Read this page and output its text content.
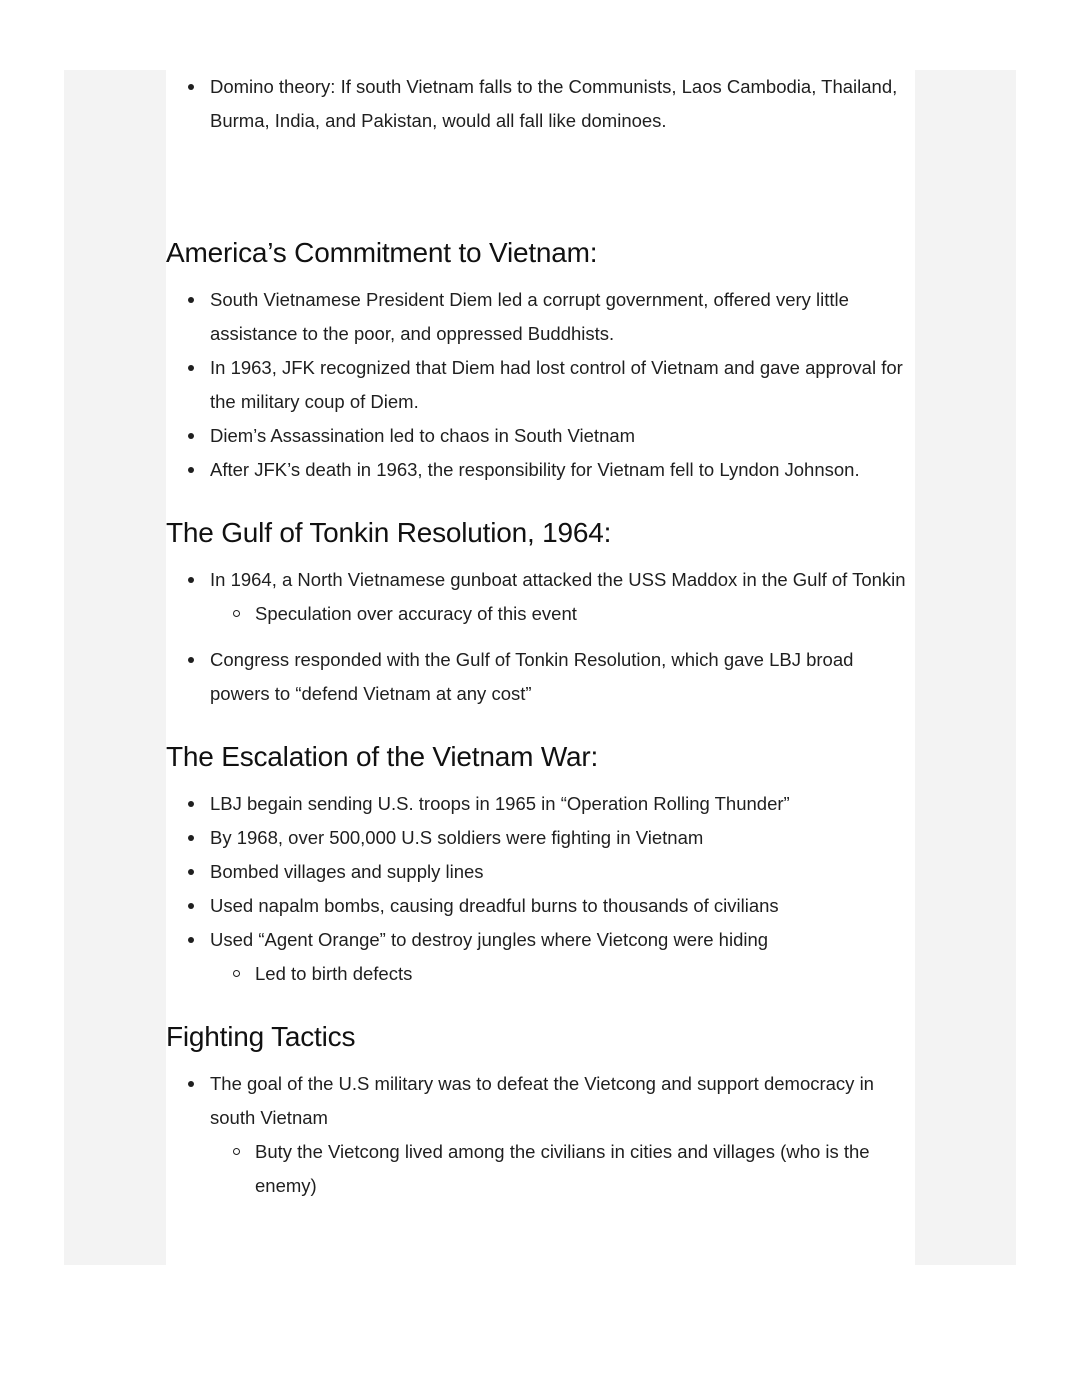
Domino theory: If south Vietnam falls to the Communists, Laos Cambodia, Thailand, Burma, India, and Pakistan, would all fall like dominoes.
America’s Commitment to Vietnam:
South Vietnamese President Diem led a corrupt government, offered very little assistance to the poor, and oppressed Buddhists.
In 1963, JFK recognized that Diem had lost control of Vietnam and gave approval for the military coup of Diem.
Diem’s Assassination led to chaos in South Vietnam
After JFK’s death in 1963, the responsibility for Vietnam fell to Lyndon Johnson.
The Gulf of Tonkin Resolution, 1964:
In 1964, a North Vietnamese gunboat attacked the USS Maddox in the Gulf of Tonkin
Speculation over accuracy of this event
Congress responded with the Gulf of Tonkin Resolution, which gave LBJ broad powers to “defend Vietnam at any cost”
The Escalation of the Vietnam War:
LBJ begain sending U.S. troops in 1965 in “Operation Rolling Thunder”
By 1968, over 500,000 U.S soldiers were fighting in Vietnam
Bombed villages and supply lines
Used napalm bombs, causing dreadful burns to thousands of civilians
Used “Agent Orange” to destroy jungles where Vietcong were hiding
Led to birth defects
Fighting Tactics
The goal of the U.S military was to defeat the Vietcong and support democracy in south Vietnam
Buty the Vietcong lived among the civilians in cities and villages (who is the enemy)
